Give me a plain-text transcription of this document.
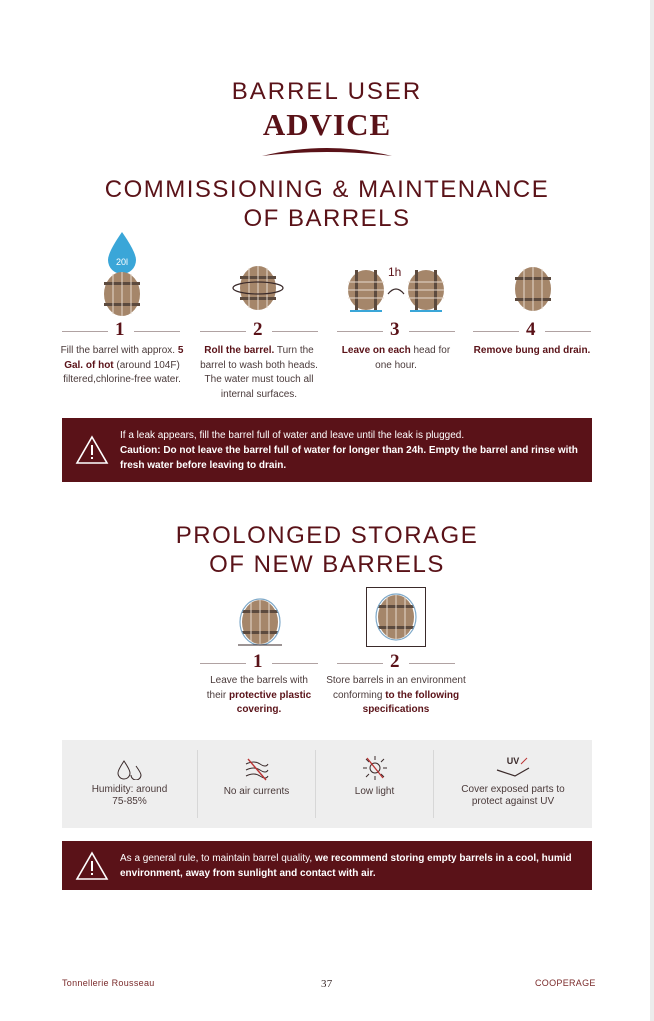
BARREL USER
ADVICE
COMMISSIONING & MAINTENANCE
OF BARRELS
20l
1h
1	2	3	4
Fill the barrel with approx. 5 Gal. of hot (around 104F) filtered,chlorine-free water.
Roll the barrel. Turn the barrel to wash both heads. The water must touch all internal surfaces.
Leave on each head for one hour.
Remove bung and drain.
If a leak appears, fill the barrel full of water and leave until the leak is plugged.
Caution: Do not leave the barrel full of water for longer than 24h. Empty the barrel and rinse with fresh water before leaving to drain.
PROLONGED STORAGE
OF NEW BARRELS
1	2
Leave the barrels with their protective plastic covering.
Store barrels in an environment conforming to the following specifications
Humidity: around 75-85%
No air currents	Low light
UV
Cover exposed parts to protect against UV
As a general rule, to maintain barrel quality, we recommend storing empty barrels in a cool, humid environment, away from sunlight and contact with air.
Tonnellerie Rousseau	37	COOPERAGE
